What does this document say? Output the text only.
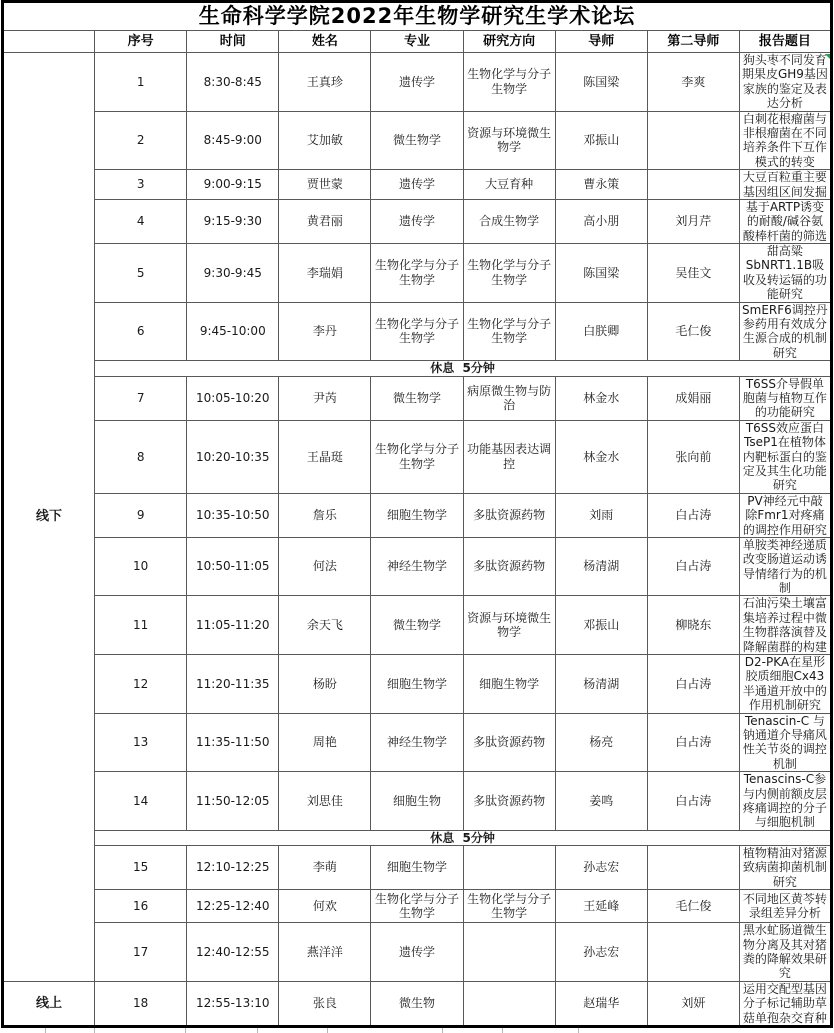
生命科学学院2022年生物学研究生学术论坛								
	序号	时间	姓名	专业	研究方向	导师	第二导师	报告题目
线下	1	8:30-8:45	王真珍	遗传学	生物化学与分子生物学	陈国梁	李爽	狗头枣不同发育期果皮GH9基因家族的鉴定及表达分析

	2	8:45-9:00	艾加敏	微生物学	资源与环境微生物学	邓振山		白刺花根瘤菌与非根瘤菌在不同培养条件下互作模式的转变
	3	9:00-9:15	贾世蒙	遗传学	大豆育种	曹永策		大豆百粒重主要基因组区间发掘
	4	9:15-9:30	黄君丽	遗传学	合成生物学	高小朋	刘月芹	基于ARTP诱变的耐酸/碱谷氨酸棒杆菌的筛选
	5	9:30-9:45	李瑞娟	生物化学与分子生物学	生物化学与分子生物学	陈国梁	吴佳文	甜高粱SbNRT1.1B吸收及转运镉的功能研究
	6	9:45-10:00	李丹	生物化学与分子生物学	生物化学与分子生物学	白朕卿	毛仁俊	SmERF6调控丹参药用有效成分生源合成的机制研究
	休息  5分钟							
	7	10:05-10:20	尹芮	微生物学	病原微生物与防治	林金水	成娟丽	T6SS介导假单胞菌与植物互作的功能研究
	8	10:20-10:35	王晶珽	生物化学与分子生物学	功能基因表达调控	林金水	张向前	T6SS效应蛋白TseP1在植物体内靶标蛋白的鉴定及其生化功能研究
	9	10:35-10:50	詹乐	细胞生物学	多肽资源药物	刘雨	白占涛	PV神经元中敲除Fmr1对疼痛的调控作用研究
	10	10:50-11:05	何法	神经生物学	多肽资源药物	杨清湖	白占涛	单胺类神经递质改变肠道运动诱导情绪行为的机制
	11	11:05-11:20	余天飞	微生物学	资源与环境微生物学	邓振山	柳晓东	石油污染土壤富集培养过程中微生物群落演替及降解菌群的构建
	12	11:20-11:35	杨盼	细胞生物学	细胞生物学	杨清湖	白占涛	D2-PKA在星形胶质细胞Cx43半通道开放中的作用机制研究
	13	11:35-11:50	周艳	神经生物学	多肽资源药物	杨亮	白占涛	Tenascin-C 与钠通道介导痛风性关节炎的调控机制
	14	11:50-12:05	刘思佳	细胞生物	多肽资源药物	姜鸣	白占涛	Tenascins-C参与内侧前额皮层疼痛调控的分子与细胞机制
	休息  5分钟							
	15	12:10-12:25	李萌	细胞生物学		孙志宏		植物精油对猪源致病菌抑菌机制研究
	16	12:25-12:40	何欢	生物化学与分子生物学	生物化学与分子生物学	王延峰	毛仁俊	不同地区黄芩转录组差异分析
	17	12:40-12:55	燕洋洋	遗传学		孙志宏		黑水虻肠道微生物分离及其对猪粪的降解效果研究
线上	18	12:55-13:10	张良	微生物		赵瑞华	刘妍	运用交配型基因分子标记辅助草菇单孢杂交育种
